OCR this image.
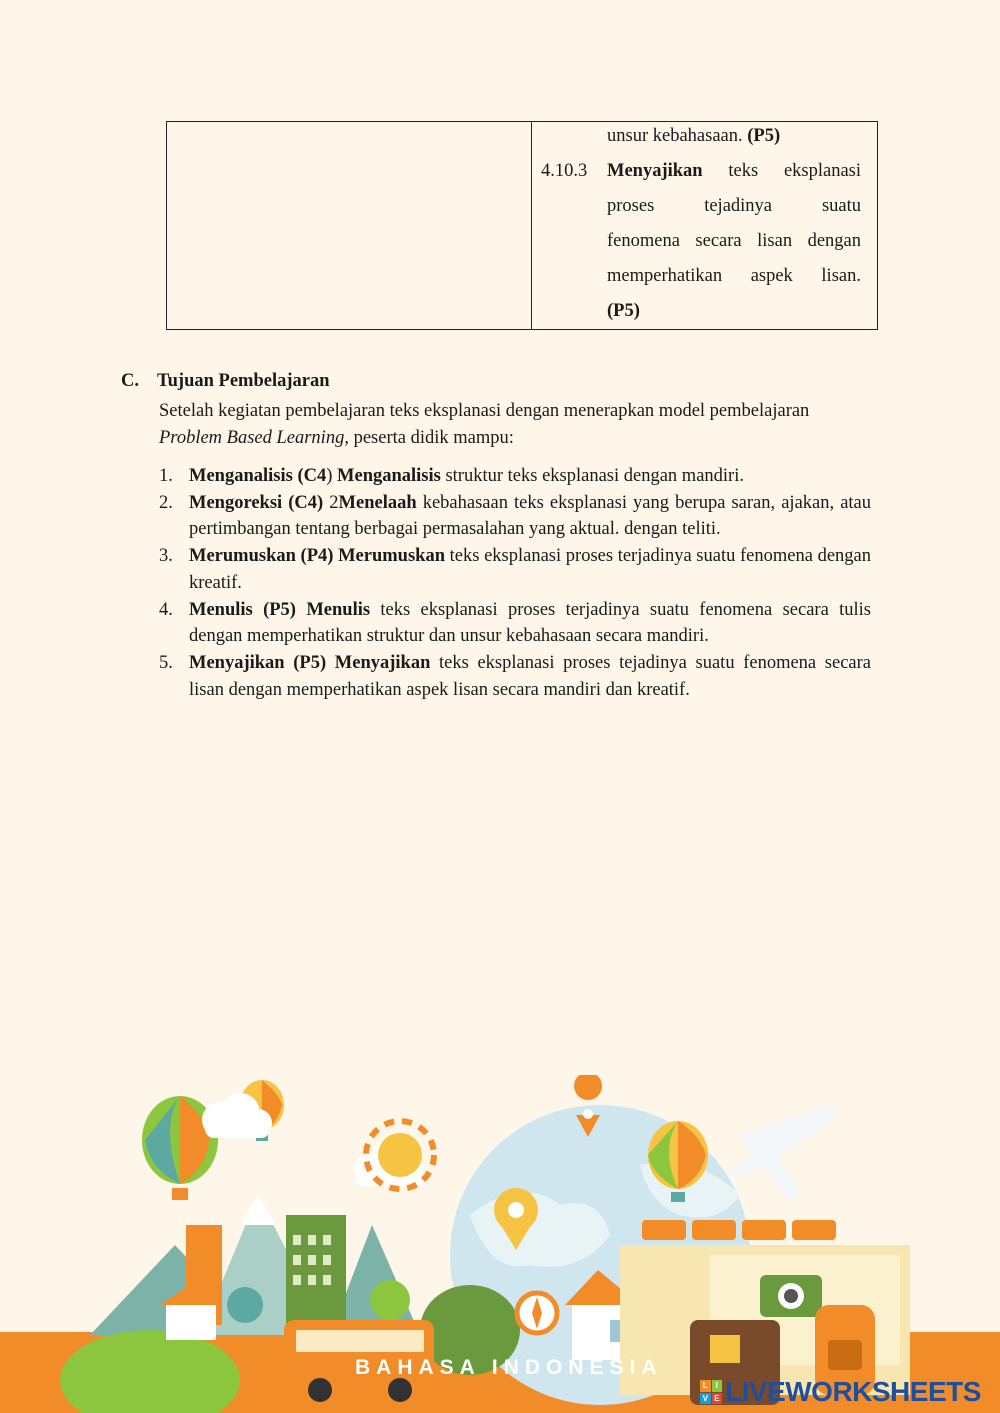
unsur kebahasaan. (P5)
4.10.3 Menyajikan teks eksplanasi
proses	tejadinya	suatu
fenomena secara lisan dengan
memperhatikan aspek lisan.
(P5)
C. Tujuan Pembelajaran
Setelah kegiatan pembelajaran teks eksplanasi dengan menerapkan model pembelajaran
Problem Based Learning, peserta didik mampu:
1. Menganalisis (C4) Menganalisis struktur teks eksplanasi dengan mandiri.
2. Mengoreksi (C4) 2Menelaah kebahasaan teks eksplanasi yang berupa saran, ajakan, atau pertimbangan tentang berbagai permasalahan yang aktual. dengan teliti.
3. Merumuskan (P4) Merumuskan teks eksplanasi proses terjadinya suatu fenomena dengan kreatif.
4. Menulis (P5) Menulis teks eksplanasi proses terjadinya suatu fenomena secara tulis dengan memperhatikan struktur dan unsur kebahasaan secara mandiri.
5. Menyajikan (P5) Menyajikan teks eksplanasi proses tejadinya suatu fenomena secara lisan dengan memperhatikan aspek lisan secara mandiri dan kreatif.
BAHASA INDONESIA
L I
V E LIVEWORKSHEETS
